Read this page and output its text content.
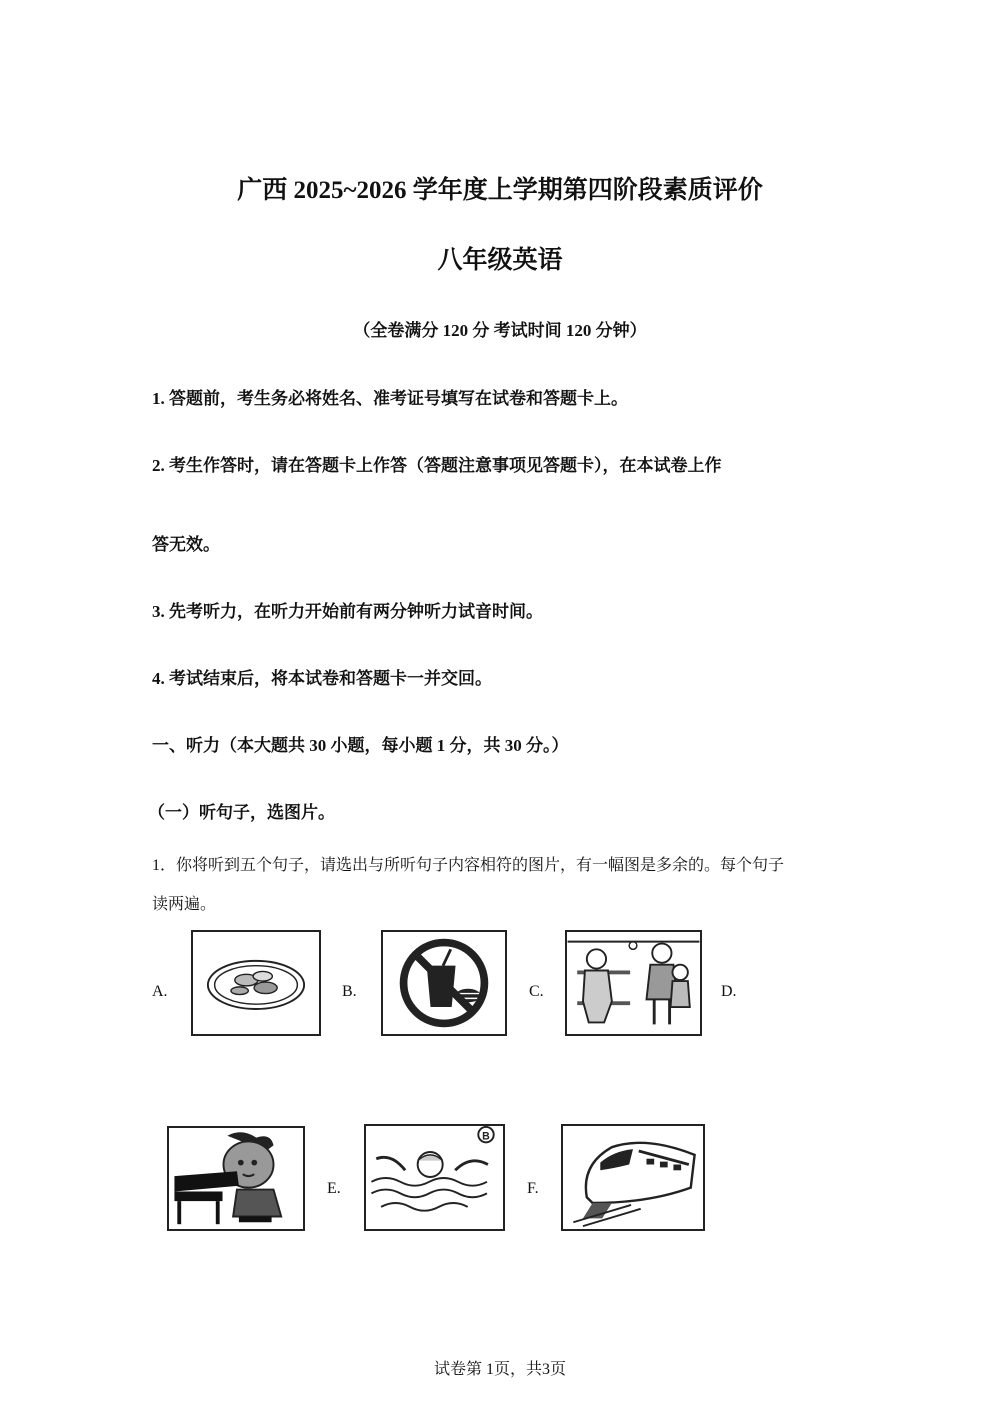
广西 2025~2026 学年度上学期第四阶段素质评价
八年级英语
（全卷满分 120 分 考试时间 120 分钟）
1. 答题前，考生务必将姓名、准考证号填写在试卷和答题卡上。
2. 考生作答时，请在答题卡上作答（答题注意事项见答题卡），在本试卷上作
答无效。
3. 先考听力，在听力开始前有两分钟听力试音时间。
4. 考试结束后，将本试卷和答题卡一并交回。
一、听力（本大题共 30 小题，每小题 1 分，共 30 分。）
（一）听句子，选图片。
1．你将听到五个句子，请选出与所听句子内容相符的图片，有一幅图是多余的。每个句子
读两遍。
A.	B.	C.	D.
E.
B
F.
试卷第 1页，共3页
